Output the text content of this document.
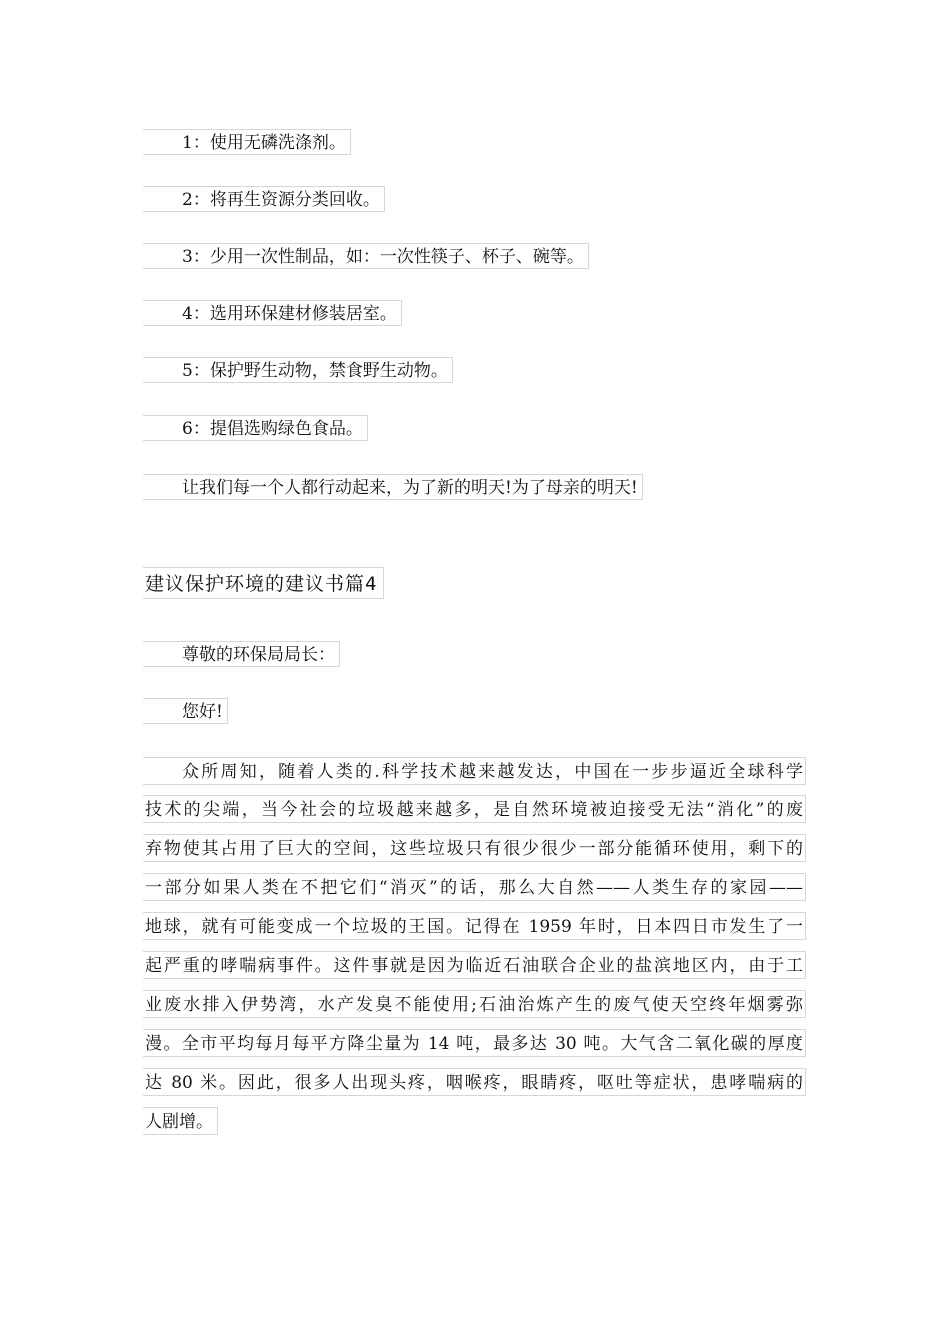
1：使用无磷洗涤剂。
2：将再生资源分类回收。
3：少用一次性制品，如：一次性筷子、杯子、碗等。
4：选用环保建材修装居室。
5：保护野生动物，禁食野生动物。
6：提倡选购绿色食品。
让我们每一个人都行动起来，为了新的明天!为了母亲的明天!
建议保护环境的建议书篇4
尊敬的环保局局长：
您好!
众所周知，随着人类的.科学技术越来越发达，中国在一步步逼近全球科学
技术的尖端，当今社会的垃圾越来越多，是自然环境被迫接受无法“消化”的废
弃物使其占用了巨大的空间，这些垃圾只有很少很少一部分能循环使用，剩下的
一部分如果人类在不把它们“消灭”的话，那么大自然——人类生存的家园——
地球，就有可能变成一个垃圾的王国。记得在 1959 年时，日本四日市发生了一
起严重的哮喘病事件。这件事就是因为临近石油联合企业的盐滨地区内，由于工
业废水排入伊势湾，水产发臭不能使用;石油治炼产生的废气使天空终年烟雾弥
漫。全市平均每月每平方降尘量为 14 吨，最多达 30 吨。大气含二氧化碳的厚度
达 80 米。因此，很多人出现头疼，咽喉疼，眼睛疼，呕吐等症状，患哮喘病的
人剧增。
